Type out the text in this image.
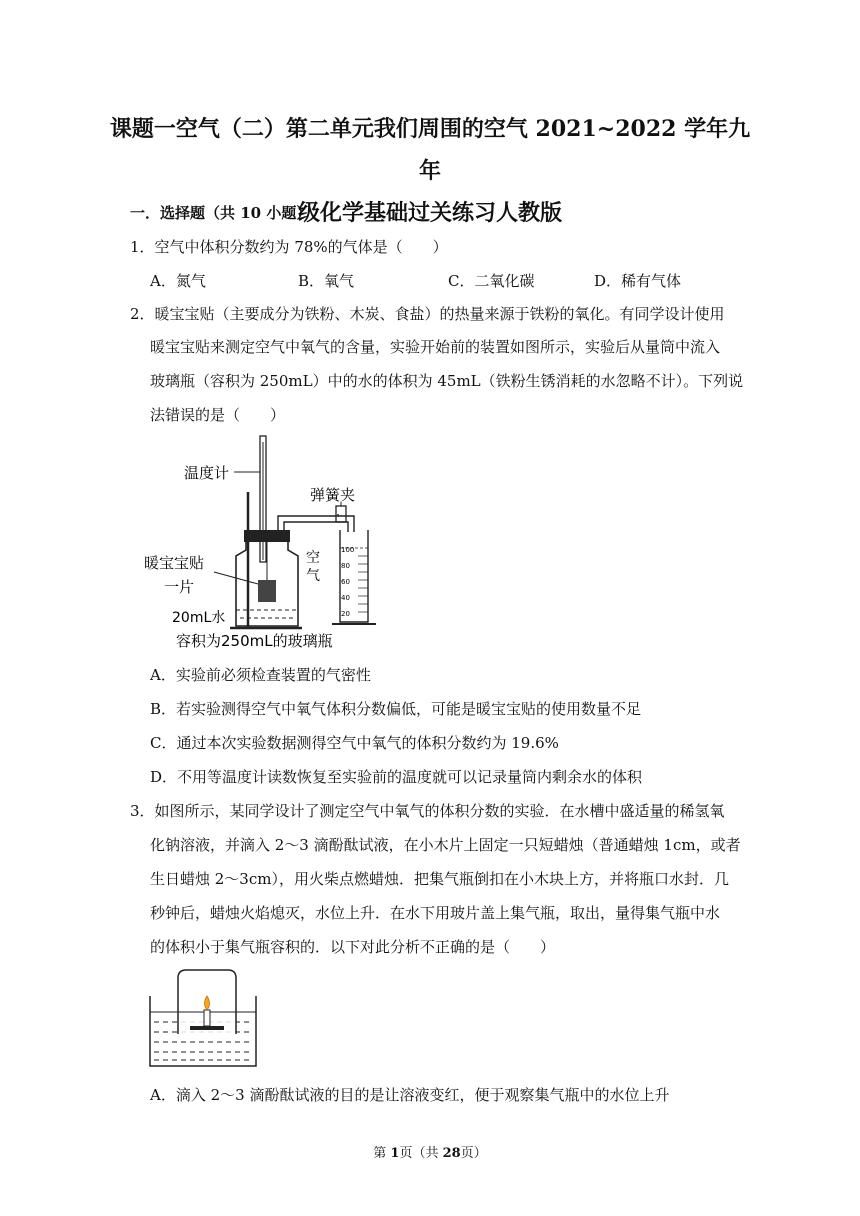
课题一空气（二）第二单元我们周围的空气 2021~2022 学年九年
级化学基础过关练习人教版
一．选择题（共 10 小题）
1．空气中体积分数约为 78%的气体是（　　）
A．氮气	B．氧气	C．二氧化碳	D．稀有气体
2．暖宝宝贴（主要成分为铁粉、木炭、食盐）的热量来源于铁粉的氧化。有同学设计使用
暖宝宝贴来测定空气中氧气的含量，实验开始前的装置如图所示，实验后从量筒中流入
玻璃瓶（容积为 250mL）中的水的体积为 45mL（铁粉生锈消耗的水忽略不计）。下列说
法错误的是（　　）
温度计
暖宝宝贴
一片
空
气
20mL水
弹簧夹
100
80
60
40
20
容积为250mL的玻璃瓶
A．实验前必须检查装置的气密性
B．若实验测得空气中氧气体积分数偏低，可能是暖宝宝贴的使用数量不足
C．通过本次实验数据测得空气中氧气的体积分数约为 19.6%
D．不用等温度计读数恢复至实验前的温度就可以记录量筒内剩余水的体积
3．如图所示，某同学设计了测定空气中氧气的体积分数的实验．在水槽中盛适量的稀氢氧
化钠溶液，并滴入 2～3 滴酚酞试液，在小木片上固定一只短蜡烛（普通蜡烛 1cm，或者
生日蜡烛 2～3cm），用火柴点燃蜡烛．把集气瓶倒扣在小木块上方，并将瓶口水封．几
秒钟后，蜡烛火焰熄灭，水位上升．在水下用玻片盖上集气瓶，取出，量得集气瓶中水
的体积小于集气瓶容积的．以下对此分析不正确的是（　　）
A．滴入 2～3 滴酚酞试液的目的是让溶液变红，便于观察集气瓶中的水位上升
第 1页（共 28页）
